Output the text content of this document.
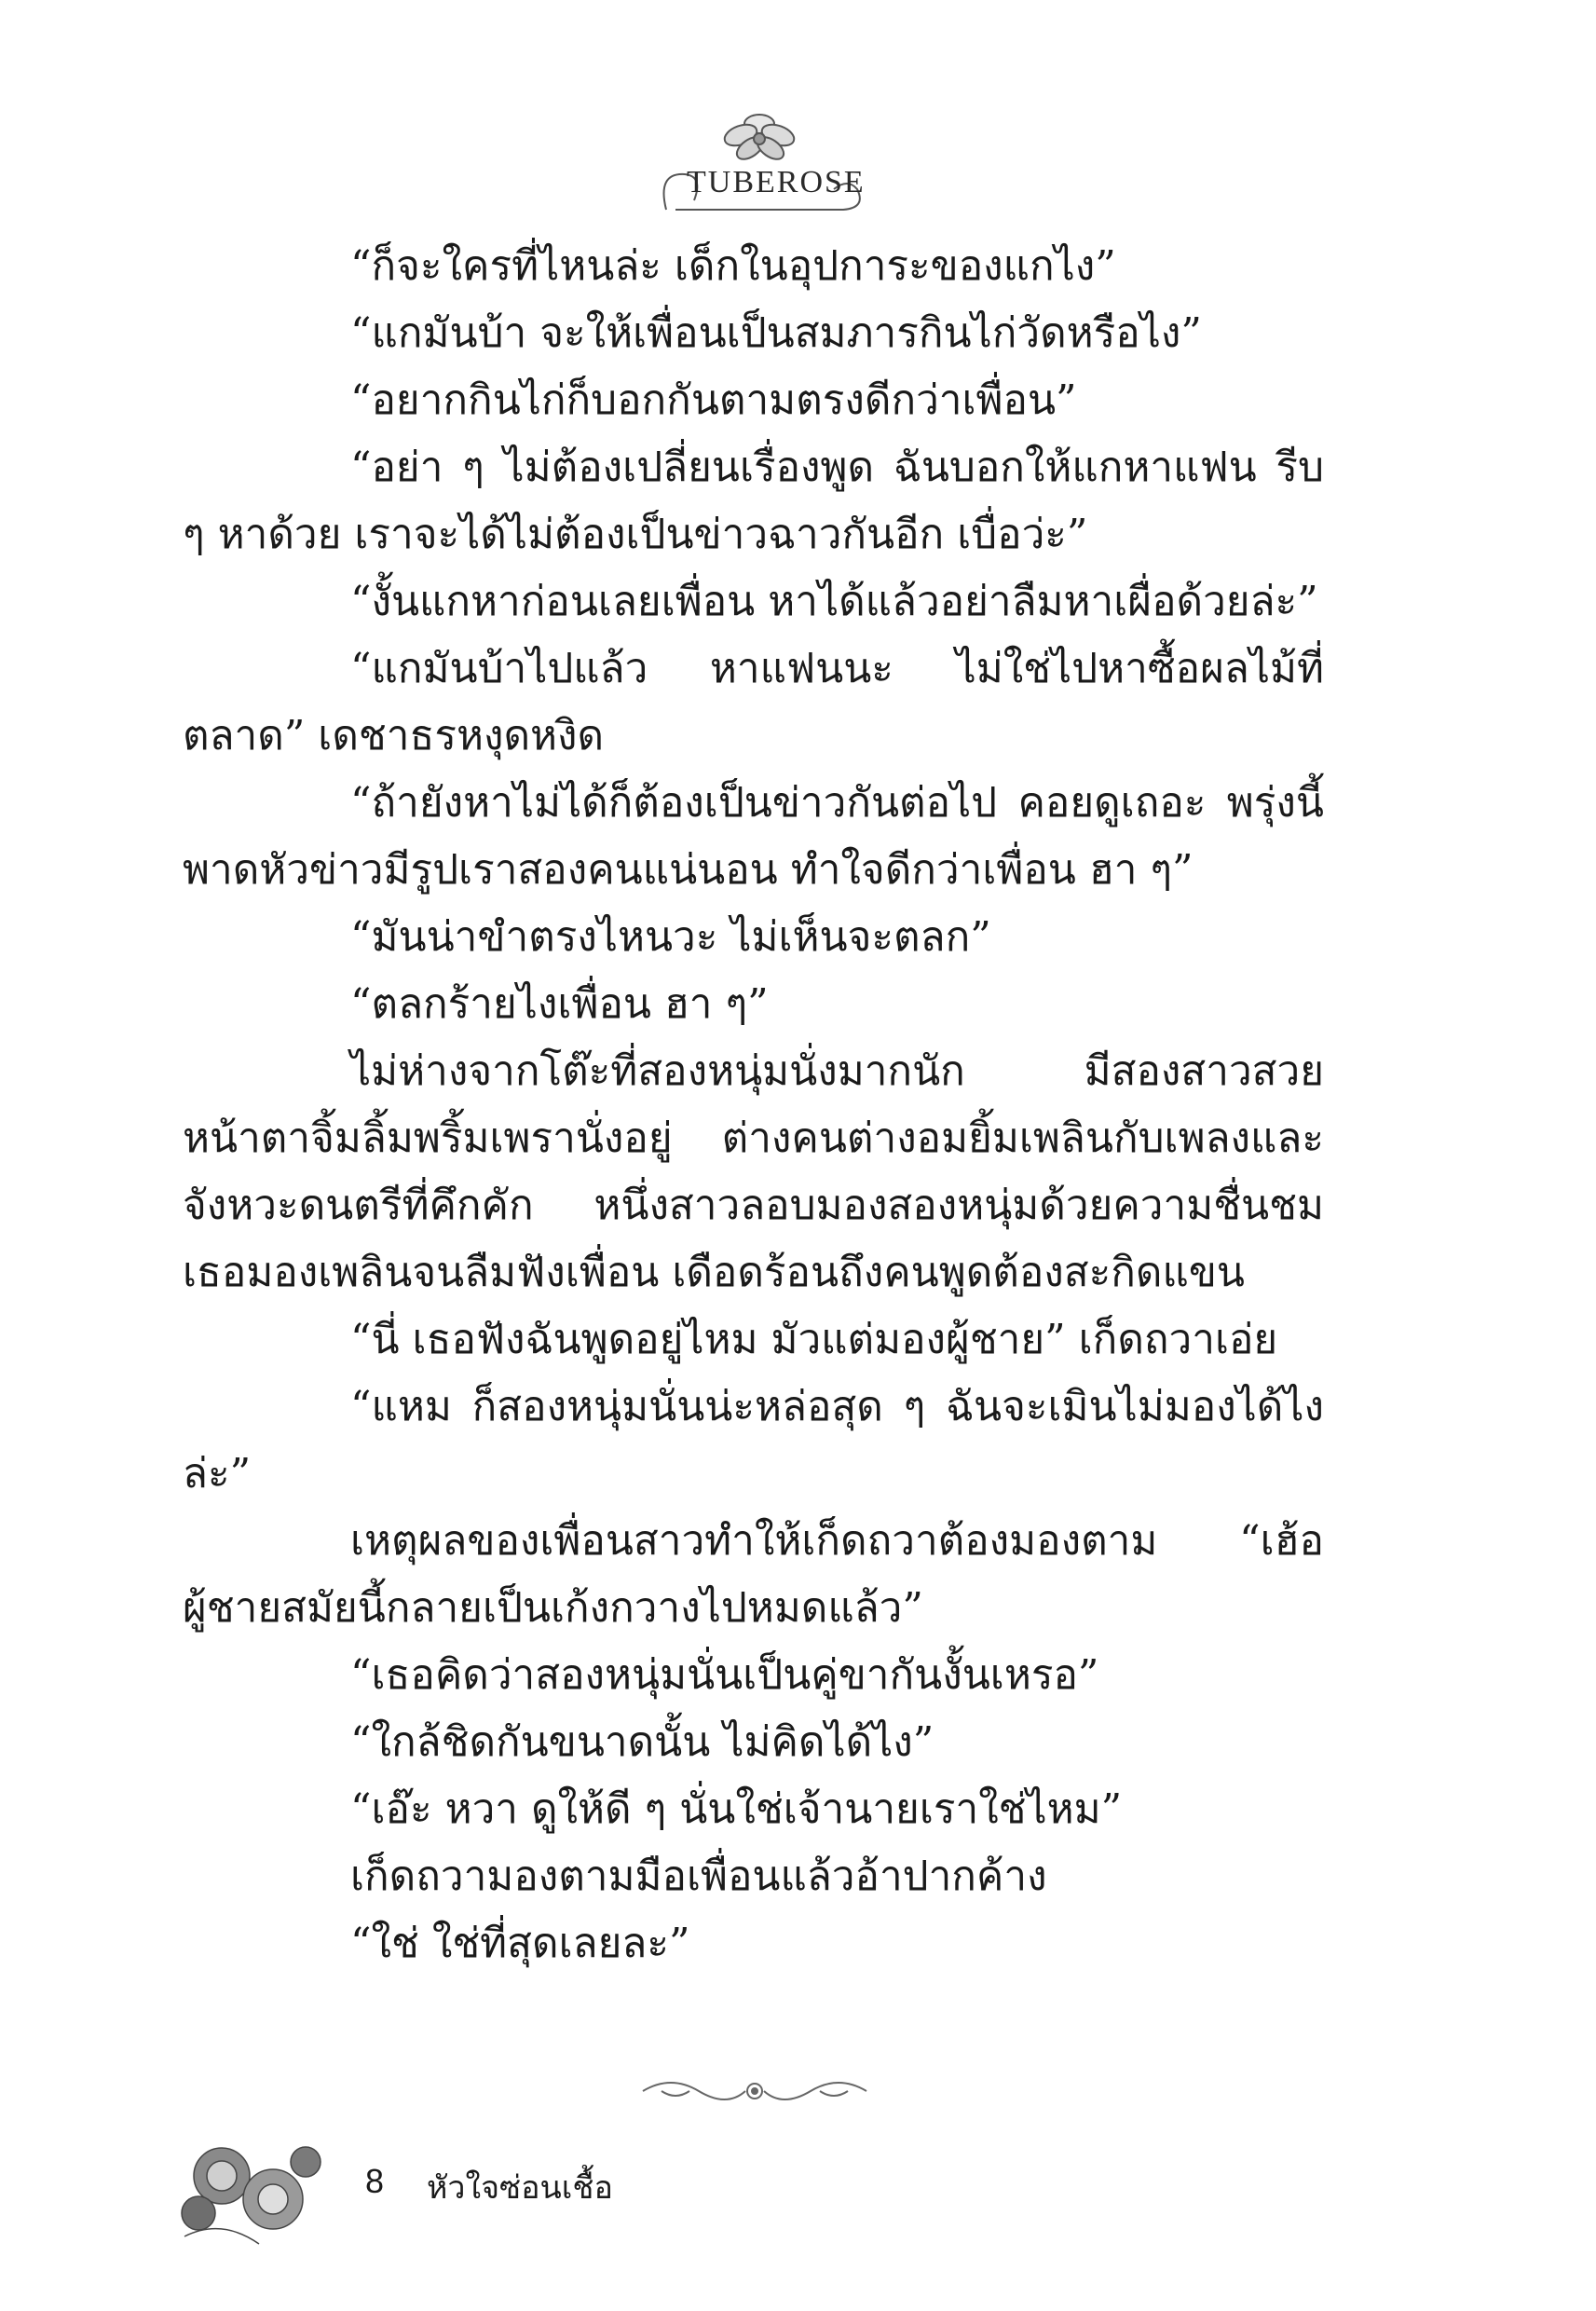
TUBEROSE

“ก็จะใครที่ไหนล่ะ เด็กในอุปการะของแกไง”

“แกมันบ้า จะให้เพื่อนเป็นสมภารกินไก่วัดหรือไง”

“อยากกินไก่ก็บอกกันตามตรงดีกว่าเพื่อน”

“อย่า ๆ ไม่ต้องเปลี่ยนเรื่องพูด ฉันบอกให้แกหาแฟน รีบ ๆ หาด้วย เราจะได้ไม่ต้องเป็นข่าวฉาวกันอีก เบื่อว่ะ”

“งั้นแกหาก่อนเลยเพื่อน หาได้แล้วอย่าลืมหาเผื่อด้วยล่ะ”

“แกมันบ้าไปแล้ว หาแฟนนะ ไม่ใช่ไปหาซื้อผลไม้ที่ตลาด” เดชาธรหงุดหงิด

“ถ้ายังหาไม่ได้ก็ต้องเป็นข่าวกันต่อไป คอยดูเถอะ พรุ่งนี้ พาดหัวข่าวมีรูปเราสองคนแน่นอน ทำใจดีกว่าเพื่อน ฮา ๆ”

“มันน่าขำตรงไหนวะ ไม่เห็นจะตลก”

“ตลกร้ายไงเพื่อน ฮา ๆ”

ไม่ห่างจากโต๊ะที่สองหนุ่มนั่งมากนัก มีสองสาวสวยหน้าตาจิ้มลิ้มพริ้มเพรานั่งอยู่ ต่างคนต่างอมยิ้มเพลินกับเพลงและจังหวะดนตรีที่คึกคัก หนึ่งสาวลอบมองสองหนุ่มด้วยความชื่นชม เธอมองเพลินจนลืมฟังเพื่อน เดือดร้อนถึงคนพูดต้องสะกิดแขน

“นี่ เธอฟังฉันพูดอยู่ไหม มัวแต่มองผู้ชาย” เก็ดถวาเอ่ย

“แหม ก็สองหนุ่มนั่นน่ะหล่อสุด ๆ ฉันจะเมินไม่มองได้ไงล่ะ”

เหตุผลของเพื่อนสาวทำให้เก็ดถวาต้องมองตาม “เฮ้อ ผู้ชายสมัยนี้กลายเป็นเก้งกวางไปหมดแล้ว”

“เธอคิดว่าสองหนุ่มนั่นเป็นคู่ขากันงั้นเหรอ”

“ใกล้ชิดกันขนาดนั้น ไม่คิดได้ไง”

“เอ๊ะ หวา ดูให้ดี ๆ นั่นใช่เจ้านายเราใช่ไหม”

เก็ดถวามองตามมือเพื่อนแล้วอ้าปากค้าง

“ใช่ ใช่ที่สุดเลยละ”

8 หัวใจซ่อนเชื้อ
